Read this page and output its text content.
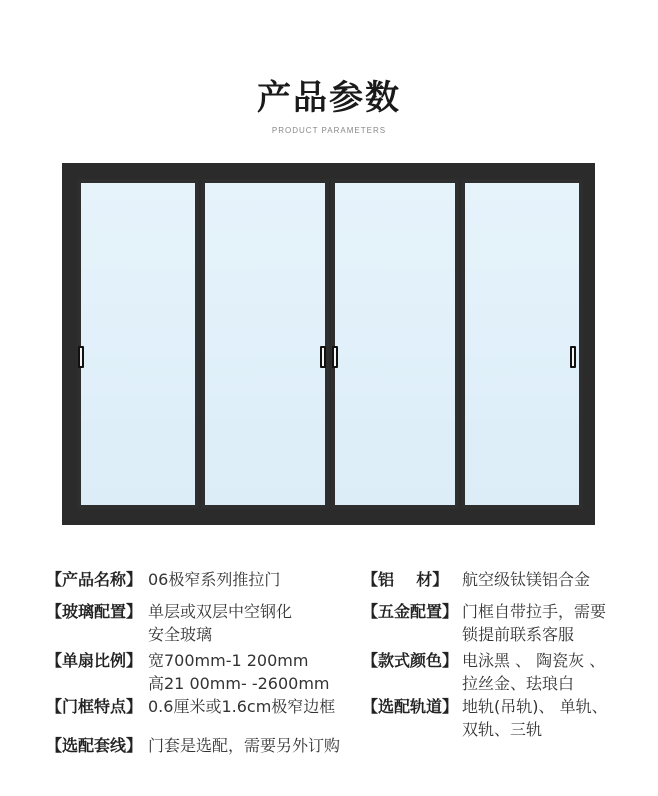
产品参数
PRODUCT PARAMETERS
【产品名称】 06极窄系列推拉门
【玻璃配置】 单层或双层中空钢化
安全玻璃
【单扇比例】 宽700mm-1 200mm
高21 00mm- -2600mm
【门框特点】 0.6厘米或1.6cm极窄边框
【选配套线】 门套是选配，需要另外订购
【铝    材】 航空级钛镁铝合金
【五金配置】 门框自带拉手，需要
锁提前联系客服
【款式颜色】 电泳黑 、 陶瓷灰 、
拉丝金、珐琅白
【选配轨道】 地轨(吊轨)、 单轨、
双轨、三轨
